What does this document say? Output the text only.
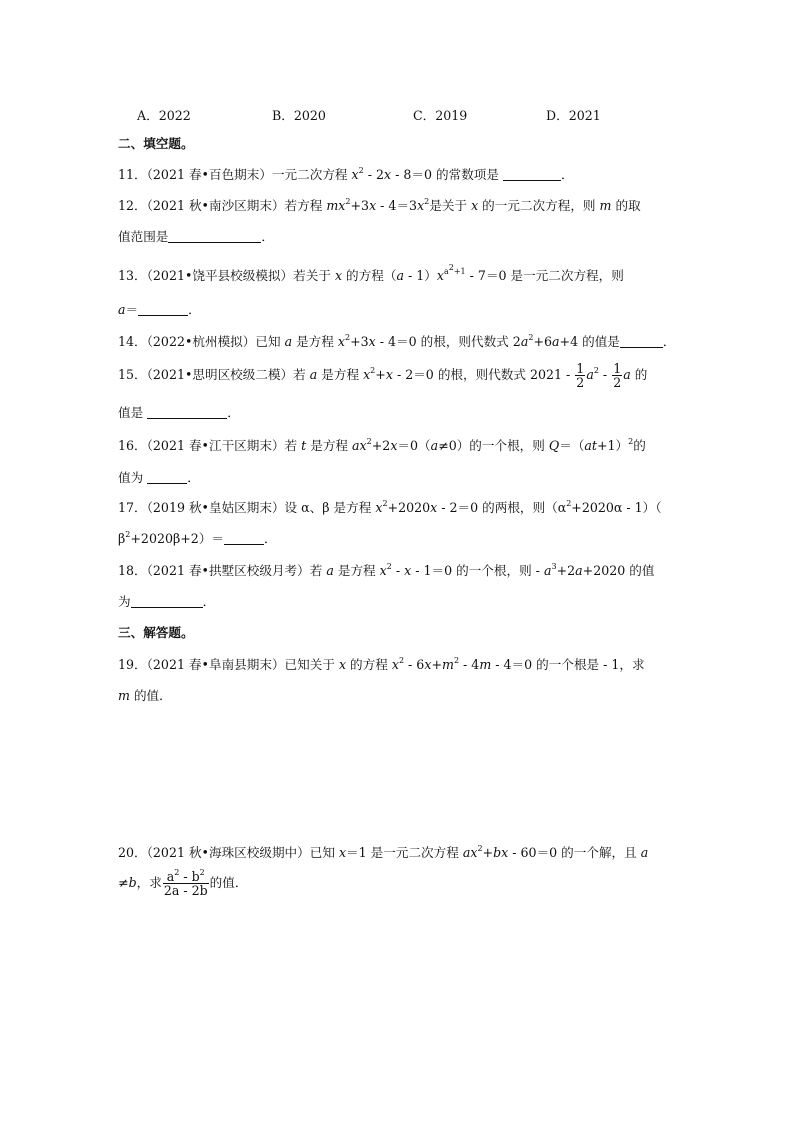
A．2022	B．2020	C．2019	D．2021
二、填空题。
11．（2021 春•百色期末）一元二次方程 $x^2 - 2x - 8=0$ 的常数项是	．
12．（2021 秋•南沙区期末）若方程 $mx^2+3x - 4=3x^2$是关于 x 的一元二次方程，则 m 的取
值范围是	．
13．（2021•饶平县校级模拟）若关于 x 的方程$(a - 1)x^{a^2+1} - 7=0$ 是一元二次方程，则
a＝	．
14．（2022•杭州模拟）已知 a 是方程 $x^2+3x - 4=0$ 的根，则代数式 $2a^2+6a+4$ 的值是	．
15．（2021•思明区校级二模）若 a 是方程 $x^2+x - 2=0$ 的根，则代数式 $2021 - \frac{1}{2} a^2 - \frac{1}{2}$ a 的
值是	．
16．（2021 春•江干区期末）若 t 是方程 $ax^2+2x=0(a\ne 0)$的一个根，则 $Q=(at+1)^2$的
值为	．
17．（2019 秋•皇姑区期末）设 α、β 是方程 $x^2+2020x - 2=0$ 的两根，则$(\alpha^2+2020\alpha - 1)$（
$\beta^2+2020\beta+2)=$	．
18．（2021 春•拱墅区校级月考）若 a 是方程 $x^2 - x - 1=0$ 的一个根，则 - $a^3+2a+2020$ 的值
为	．
三、解答题。
19．（2021 春•阜南县期末）已知关于 x 的方程 $x^2 - 6x+m^2 - 4m - 4=0$ 的一个根是 - 1，求
m 的值．
20．（2021 秋•海珠区校级期中）已知 x＝1 是一元二次方程 $ax^2+bx - 60=0$ 的一个解，且 a
≠b，求 $\frac{a^2 - b^2}{2a - 2b}$ 的值．
